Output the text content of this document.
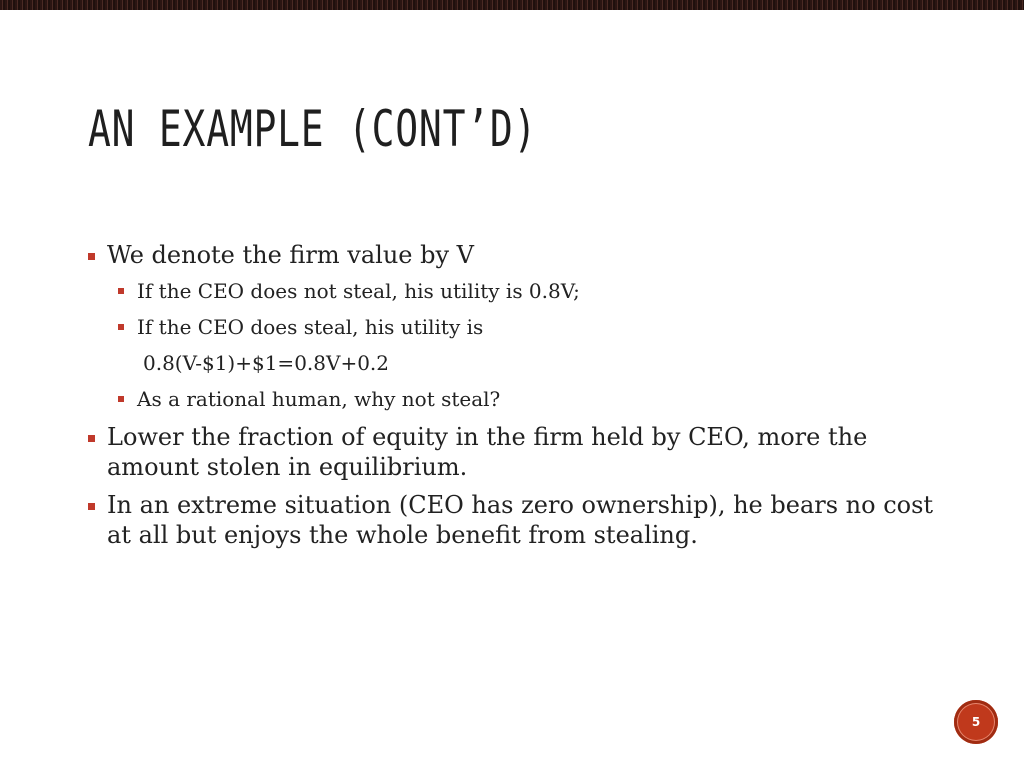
AN EXAMPLE (CONT’D)
We denote the firm value by V
If the CEO does not steal, his utility is 0.8V;
If the CEO does steal, his utility is
0.8(V-$1)+$1=0.8V+0.2
As a rational human, why not steal?
Lower the fraction of equity in the firm held by CEO, more the amount stolen in equilibrium.
In an extreme situation (CEO has zero ownership), he bears no cost at all but enjoys the whole benefit from stealing.
5
